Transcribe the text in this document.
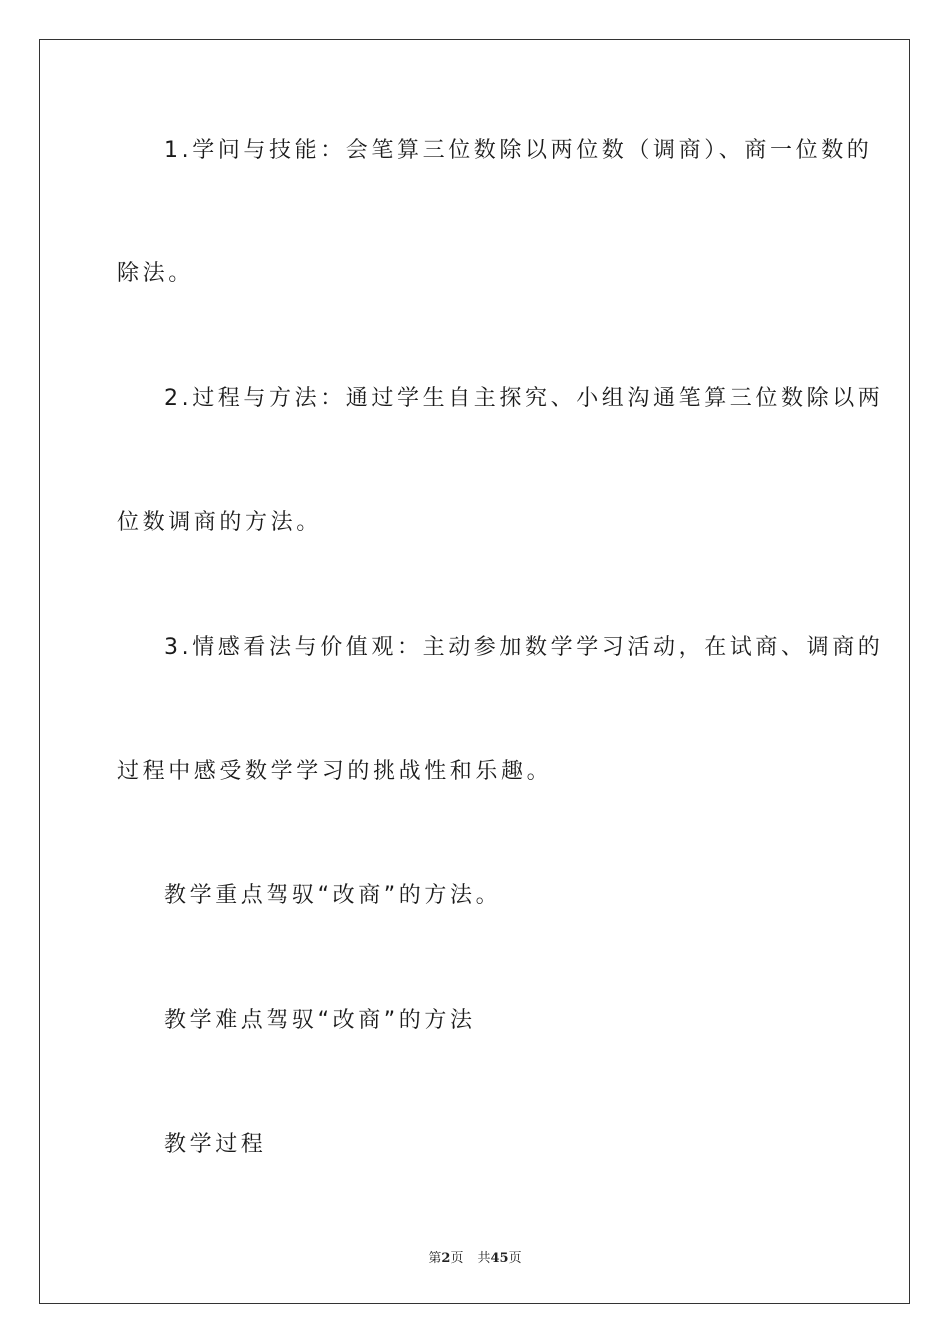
1.学问与技能：会笔算三位数除以两位数（调商）、商一位数的
除法。
2.过程与方法：通过学生自主探究、小组沟通笔算三位数除以两
位数调商的方法。
3.情感看法与价值观：主动参加数学学习活动，在试商、调商的
过程中感受数学学习的挑战性和乐趣。
教学重点驾驭“改商”的方法。
教学难点驾驭“改商”的方法
教学过程
第2页 共45页
